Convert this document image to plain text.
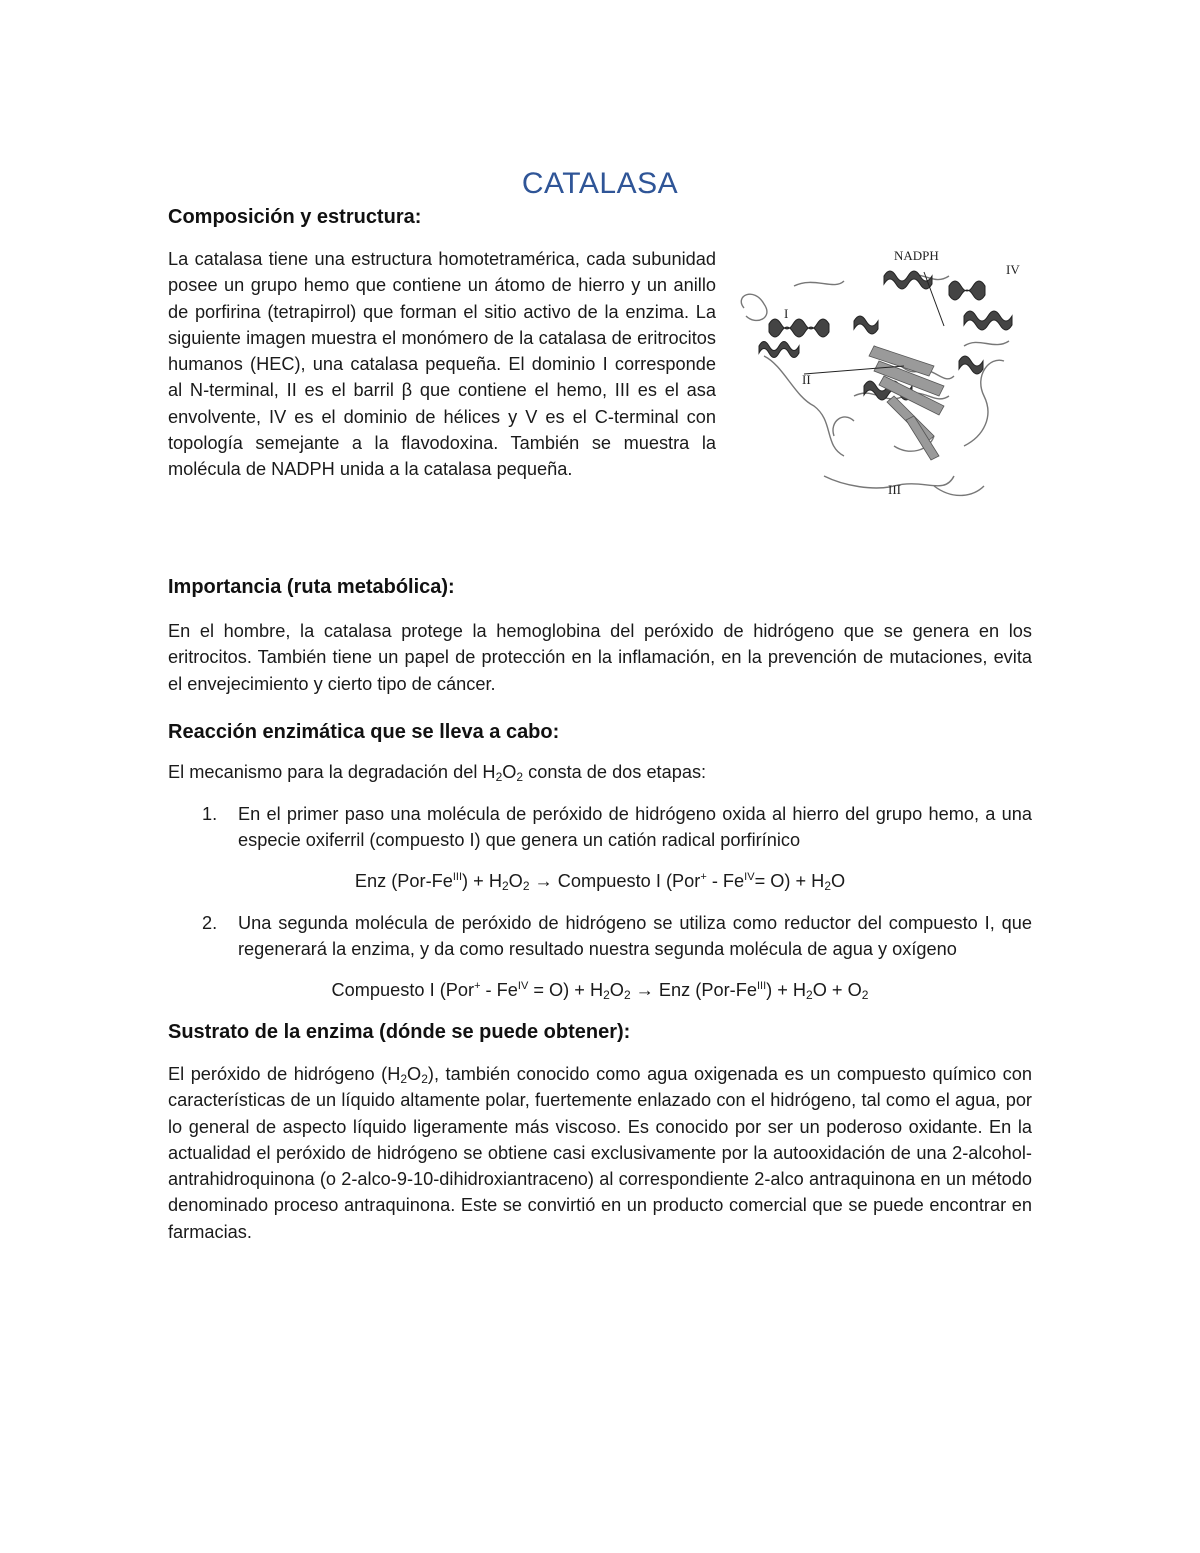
CATALASA
Composición y estructura:

La catalasa tiene una estructura homotetramérica, cada subunidad posee un grupo hemo que contiene un átomo de hierro y un anillo de porfirina (tetrapirrol) que forman el sitio activo de la enzima. La siguiente imagen muestra el monómero de la catalasa de eritrocitos humanos (HEC), una catalasa pequeña. El dominio I corresponde al N-terminal, II es el barril β que contiene el hemo, III es el asa envolvente, IV es el dominio de hélices y V es el C-terminal con topología semejante a la flavodoxina. También se muestra la molécula de NADPH unida a la catalasa pequeña.

NADPH
IV
I
II
III
Importancia (ruta metabólica):

En el hombre, la catalasa protege la hemoglobina del peróxido de hidrógeno que se genera en los eritrocitos. También tiene un papel de protección en la inflamación, en la prevención de mutaciones, evita el envejecimiento y cierto tipo de cáncer.

Reacción enzimática que se lleva a cabo:

El mecanismo para la degradación del $H_2O_2$ consta de dos etapas:

1. En el primer paso una molécula de peróxido de hidrógeno oxida al hierro del grupo hemo, a una especie oxiferril (compuesto I) que genera un catión radical porfirínico
Enz $(Por-Fe^{III}) + H_2O_2$ → Compuesto I $(Por^+ - Fe^{IV}= O) + H_2O$
2. Una segunda molécula de peróxido de hidrógeno se utiliza como reductor del compuesto I, que regenerará la enzima, y da como resultado nuestra segunda molécula de agua y oxígeno
Compuesto I $(Por^+ - Fe^{IV} = O) + H_2O_2$ → Enz $(Por-Fe^{III}) + H_2O + O_2$
Sustrato de la enzima (dónde se puede obtener):

El peróxido de hidrógeno $(H_2O_2)$, también conocido como agua oxigenada es un compuesto químico con características de un líquido altamente polar, fuertemente enlazado con el hidrógeno, tal como el agua, por lo general de aspecto líquido ligeramente más viscoso. Es conocido por ser un poderoso oxidante. En la actualidad el peróxido de hidrógeno se obtiene casi exclusivamente por la autooxidación de una 2-alcohol-antrahidroquinona (o 2-alco-9-10-dihidroxiantraceno) al correspondiente 2-alco antraquinona en un método denominado proceso antraquinona. Este se convirtió en un producto comercial que se puede encontrar en farmacias.
